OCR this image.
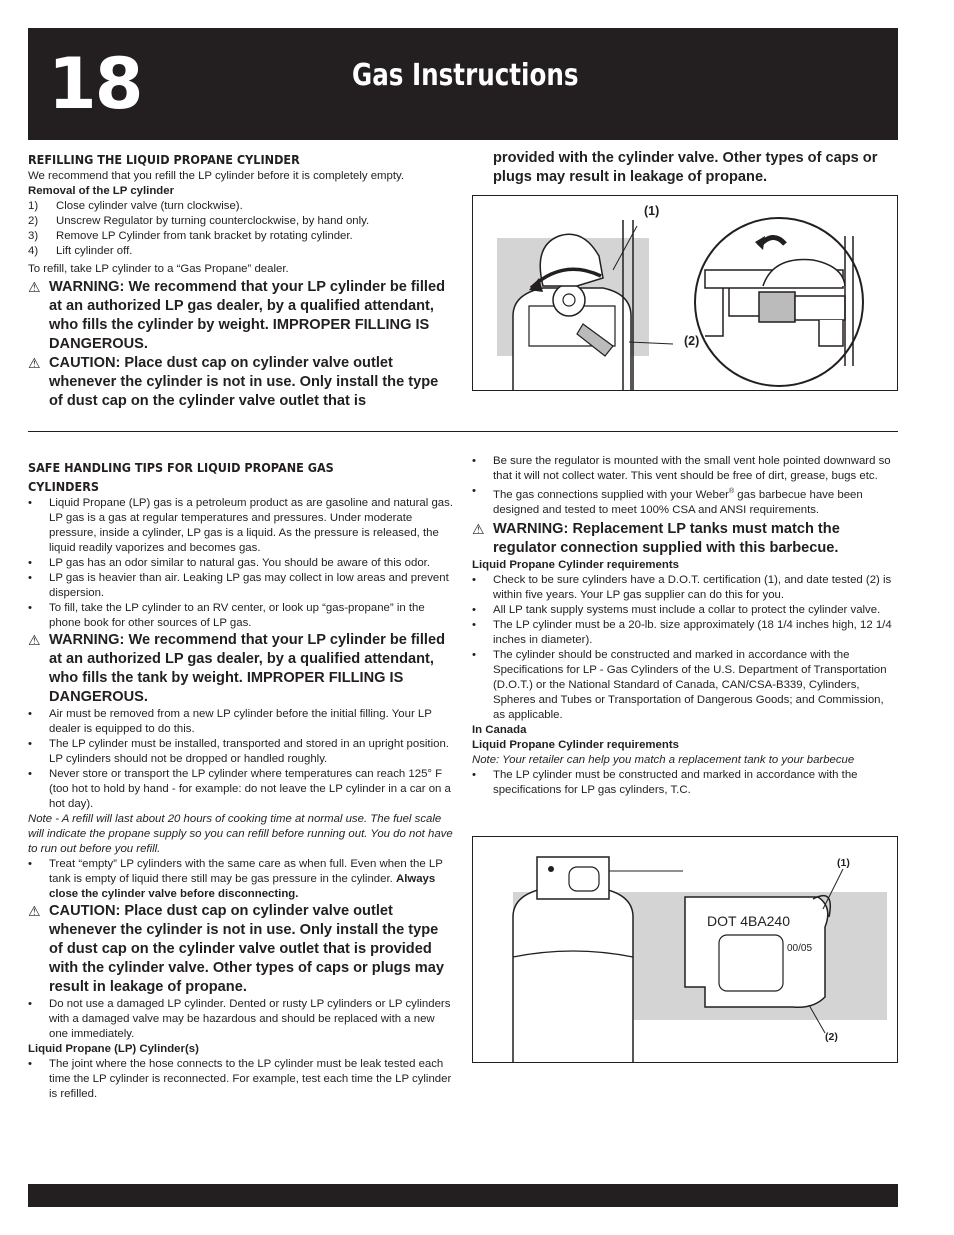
18	Gas Instructions
REFILLING THE LIQUID PROPANE CYLINDER

We recommend that you refill the LP cylinder before it is completely empty.

Removal of the LP cylinder

1)	Close cylinder valve (turn clockwise).
2)	Unscrew Regulator by turning counterclockwise, by hand only.
3)	Remove LP Cylinder from tank bracket by rotating cylinder.
4)	Lift cylinder off.

To refill, take LP cylinder to a “Gas Propane” dealer.

⚠ WARNING: We recommend that your LP cylinder be filled at an authorized LP gas dealer, by a qualified attendant, who fills the cylinder by weight. IMPROPER FILLING IS DANGEROUS.
⚠ CAUTION: Place dust cap on cylinder valve outlet whenever the cylinder is not in use. Only install the type of dust cap on the cylinder valve outlet that is
provided with the cylinder valve. Other types of caps or plugs may result in leakage of propane.
(1)
(2)
SAFE HANDLING TIPS FOR LIQUID PROPANE GAS CYLINDERS
•	Liquid Propane (LP) gas is a petroleum product as are gasoline and natural gas. LP gas is a gas at regular temperatures and pressures. Under moderate pressure, inside a cylinder, LP gas is a liquid. As the pressure is released, the liquid readily vaporizes and becomes gas.
•	LP gas has an odor similar to natural gas. You should be aware of this odor.
•	LP gas is heavier than air. Leaking LP gas may collect in low areas and prevent dispersion.
•	To fill, take the LP cylinder to an RV center, or look up “gas-propane” in the phone book for other sources of LP gas.
⚠ WARNING: We recommend that your LP cylinder be filled at an authorized LP gas dealer, by a qualified attendant, who fills the tank by weight. IMPROPER FILLING IS DANGEROUS.
•	Air must be removed from a new LP cylinder before the initial filling. Your LP dealer is equipped to do this.
•	The LP cylinder must be installed, transported and stored in an upright position. LP cylinders should not be dropped or handled roughly.
•	Never store or transport the LP cylinder where temperatures can reach 125° F (too hot to hold by hand - for example: do not leave the LP cylinder in a car on a hot day).

Note - A refill will last about 20 hours of cooking time at normal use. The fuel scale will indicate the propane supply so you can refill before running out. You do not have to run out before you refill.

•	Treat “empty” LP cylinders with the same care as when full. Even when the LP tank is empty of liquid there still may be gas pressure in the cylinder. Always close the cylinder valve before disconnecting.
⚠ CAUTION: Place dust cap on cylinder valve outlet whenever the cylinder is not in use. Only install the type of dust cap on the cylinder valve outlet that is provided with the cylinder valve. Other types of caps or plugs may result in leakage of propane.
•	Do not use a damaged LP cylinder. Dented or rusty LP cylinders or LP cylinders with a damaged valve may be hazardous and should be replaced with a new one immediately.

Liquid Propane (LP) Cylinder(s)

•	The joint where the hose connects to the LP cylinder must be leak tested each time the LP cylinder is reconnected. For example, test each time the LP cylinder is refilled.
•	Be sure the regulator is mounted with the small vent hole pointed downward so that it will not collect water. This vent should be free of dirt, grease, bugs etc.
•	The gas connections supplied with your Weber® gas barbecue have been designed and tested to meet 100% CSA and ANSI requirements.
⚠ WARNING: Replacement LP tanks must match the regulator connection supplied with this barbecue.

Liquid Propane Cylinder requirements

•	Check to be sure cylinders have a D.O.T. certification (1), and date tested (2) is within five years. Your LP gas supplier can do this for you.
•	All LP tank supply systems must include a collar to protect the cylinder valve.
•	The LP cylinder must be a 20-lb. size approximately (18 1/4 inches high, 12 1/4 inches in diameter).
•	The cylinder should be constructed and marked in accordance with the Specifications for LP - Gas Cylinders of the U.S. Department of Transportation (D.O.T.) or the National Standard of Canada, CAN/CSA-B339, Cylinders, Spheres and Tubes or Transportation of Dangerous Goods; and Commission, as applicable.

In Canada

Liquid Propane Cylinder requirements

Note: Your retailer can help you match a replacement tank to your barbecue

•	The LP cylinder must be constructed and marked in accordance with the specifications for LP gas cylinders, T.C.
(1)
DOT 4BA240
00/05
(2)
